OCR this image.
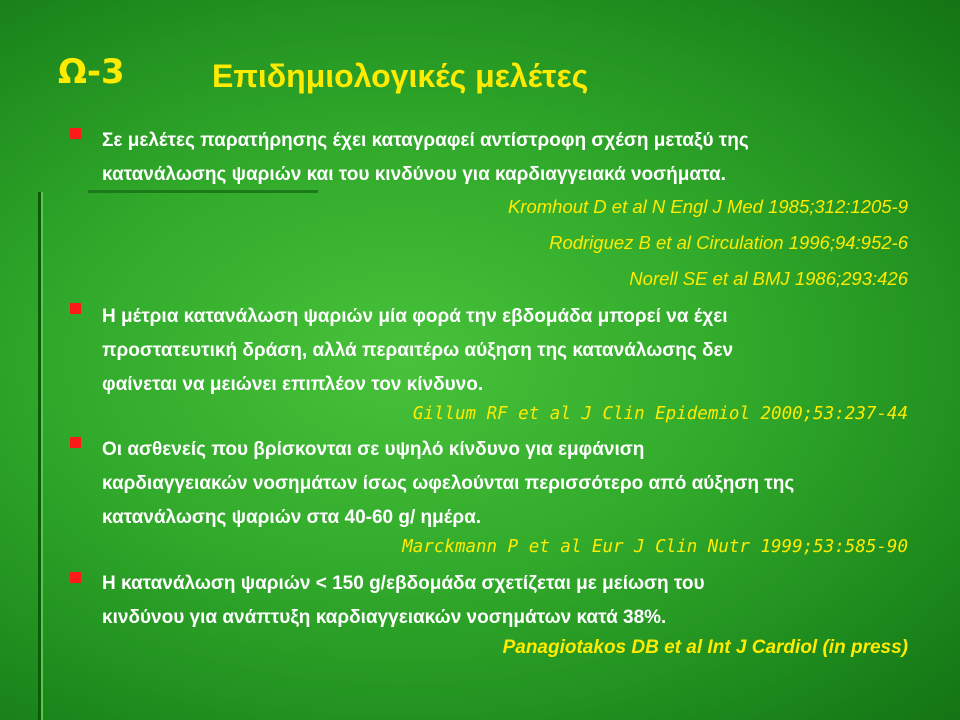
Ω-3	Επιδημιολογικές μελέτες
Σε μελέτες παρατήρησης έχει καταγραφεί αντίστροφη σχέση μεταξύ της
κατανάλωσης ψαριών και του κινδύνου για καρδιαγγειακά νοσήματα.
Kromhout D et al N Engl J Med 1985;312:1205-9
Rodriguez B et al Circulation 1996;94:952-6
Norell SE et al BMJ 1986;293:426
Η μέτρια κατανάλωση ψαριών μία φορά την εβδομάδα μπορεί να έχει
προστατευτική δράση, αλλά περαιτέρω αύξηση της κατανάλωσης δεν
φαίνεται να μειώνει επιπλέον τον κίνδυνο.
Gillum RF et al J Clin Epidemiol 2000;53:237-44
Οι ασθενείς που βρίσκονται σε υψηλό κίνδυνο για εμφάνιση
καρδιαγγειακών νοσημάτων ίσως ωφελούνται περισσότερο από αύξηση της
κατανάλωσης ψαριών στα 40-60 g/ ημέρα.
Marckmann P et al Eur J Clin Nutr 1999;53:585-90
Η κατανάλωση ψαριών < 150 g/εβδομάδα σχετίζεται με μείωση του
κινδύνου για ανάπτυξη καρδιαγγειακών νοσημάτων κατά 38%.
Panagiotakos DB et al Int J Cardiol (in press)
